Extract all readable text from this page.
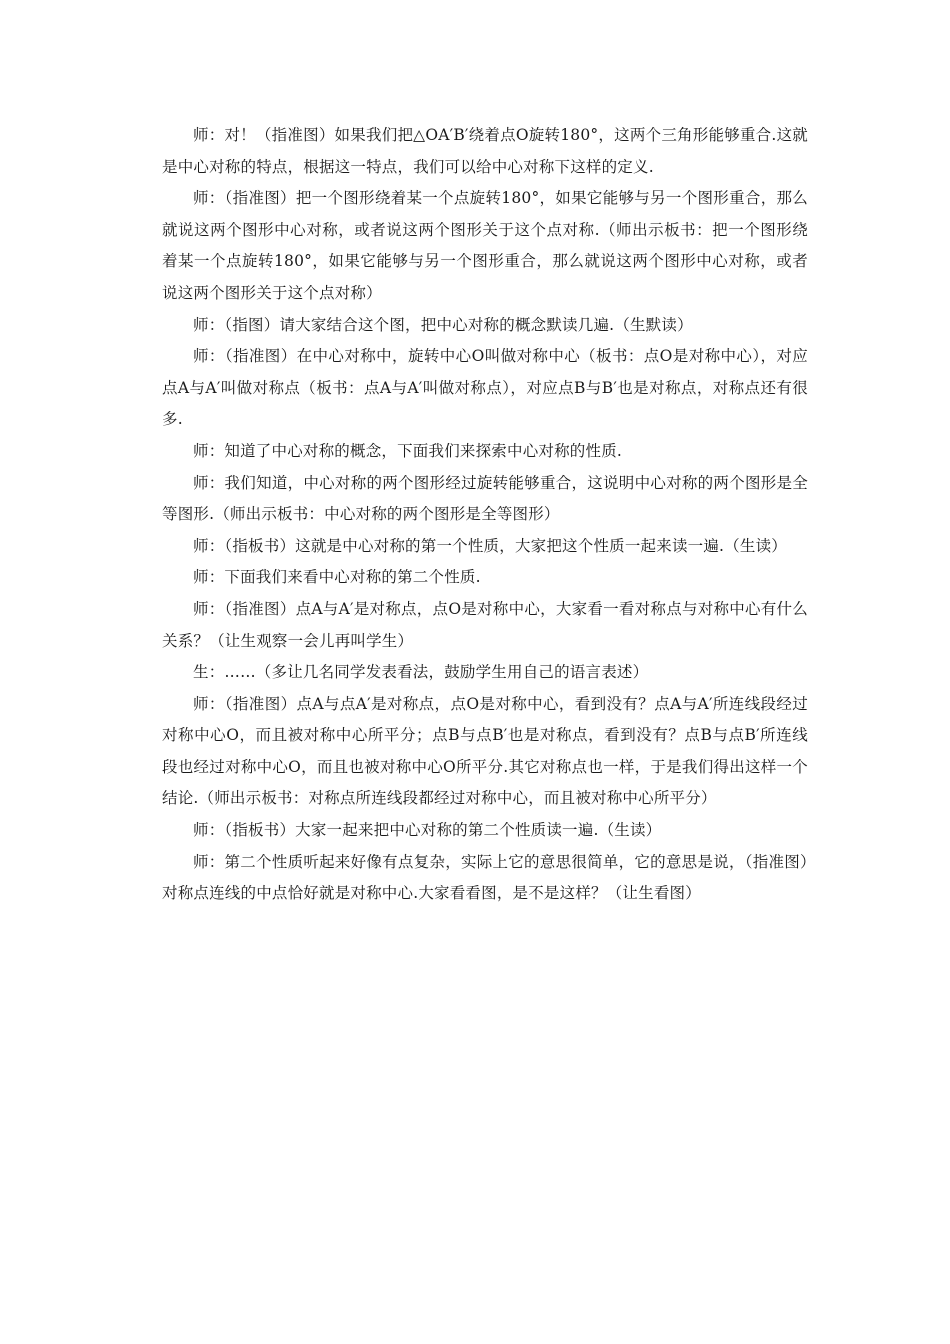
师：对！（指准图）如果我们把△OA′B′绕着点O旋转180°，这两个三角形能够重合.这就是中心对称的特点，根据这一特点，我们可以给中心对称下这样的定义.

师：（指准图）把一个图形绕着某一个点旋转180°，如果它能够与另一个图形重合，那么就说这两个图形中心对称，或者说这两个图形关于这个点对称.（师出示板书：把一个图形绕着某一个点旋转180°，如果它能够与另一个图形重合，那么就说这两个图形中心对称，或者说这两个图形关于这个点对称）

师：（指图）请大家结合这个图，把中心对称的概念默读几遍.（生默读）

师：（指准图）在中心对称中，旋转中心O叫做对称中心（板书：点O是对称中心），对应点A与A′叫做对称点（板书：点A与A′叫做对称点），对应点B与B′也是对称点，对称点还有很多.

师：知道了中心对称的概念，下面我们来探索中心对称的性质.

师：我们知道，中心对称的两个图形经过旋转能够重合，这说明中心对称的两个图形是全等图形.（师出示板书：中心对称的两个图形是全等图形）

师：（指板书）这就是中心对称的第一个性质，大家把这个性质一起来读一遍.（生读）

师：下面我们来看中心对称的第二个性质.

师：（指准图）点A与A′是对称点，点O是对称中心，大家看一看对称点与对称中心有什么关系？（让生观察一会儿再叫学生）

生：……（多让几名同学发表看法，鼓励学生用自己的语言表述）

师：（指准图）点A与点A′是对称点，点O是对称中心，看到没有？点A与A′所连线段经过对称中心O，而且被对称中心所平分；点B与点B′也是对称点，看到没有？点B与点B′所连线段也经过对称中心O，而且也被对称中心O所平分.其它对称点也一样，于是我们得出这样一个结论.（师出示板书：对称点所连线段都经过对称中心，而且被对称中心所平分）

师：（指板书）大家一起来把中心对称的第二个性质读一遍.（生读）

师：第二个性质听起来好像有点复杂，实际上它的意思很简单，它的意思是说，（指准图）对称点连线的中点恰好就是对称中心.大家看看图，是不是这样？（让生看图）
